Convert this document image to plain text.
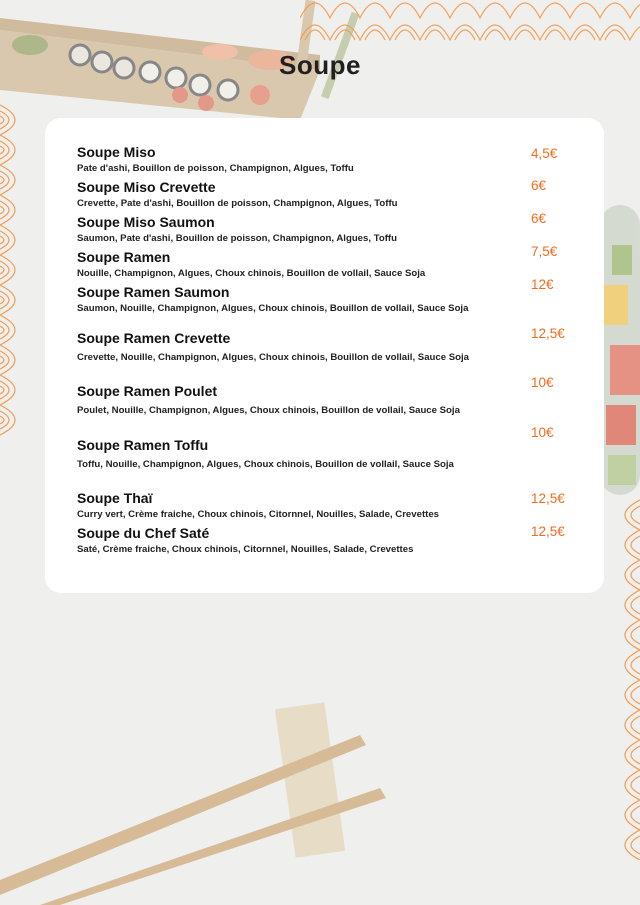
Soupe
Soupe Miso
Pate d'ashi, Bouillon de poisson, Champignon, Algues, Toffu
4,5€
Soupe Miso Crevette
Crevette, Pate d'ashi, Bouillon de poisson, Champignon, Algues, Toffu
6€
Soupe Miso Saumon
Saumon, Pate d'ashi, Bouillon de poisson, Champignon, Algues, Toffu
6€
Soupe Ramen
Nouille, Champignon, Algues, Choux chinois, Bouillon de vollail, Sauce Soja
7,5€
Soupe Ramen Saumon
Saumon, Nouille, Champignon, Algues, Choux chinois, Bouillon de vollail, Sauce Soja
12€
Soupe Ramen Crevette
Crevette, Nouille, Champignon, Algues, Choux chinois, Bouillon de vollail, Sauce Soja
12,5€
Soupe Ramen Poulet
Poulet, Nouille, Champignon, Algues, Choux chinois, Bouillon de vollail, Sauce Soja
10€
Soupe Ramen Toffu
Toffu, Nouille, Champignon, Algues, Choux chinois, Bouillon de vollail, Sauce Soja
10€
Soupe Thaï
Curry vert, Crème fraiche, Choux chinois, Citornnel, Nouilles, Salade, Crevettes
12,5€
Soupe du Chef Saté
Saté, Crème fraiche, Choux chinois, Citornnel, Nouilles, Salade, Crevettes
12,5€
